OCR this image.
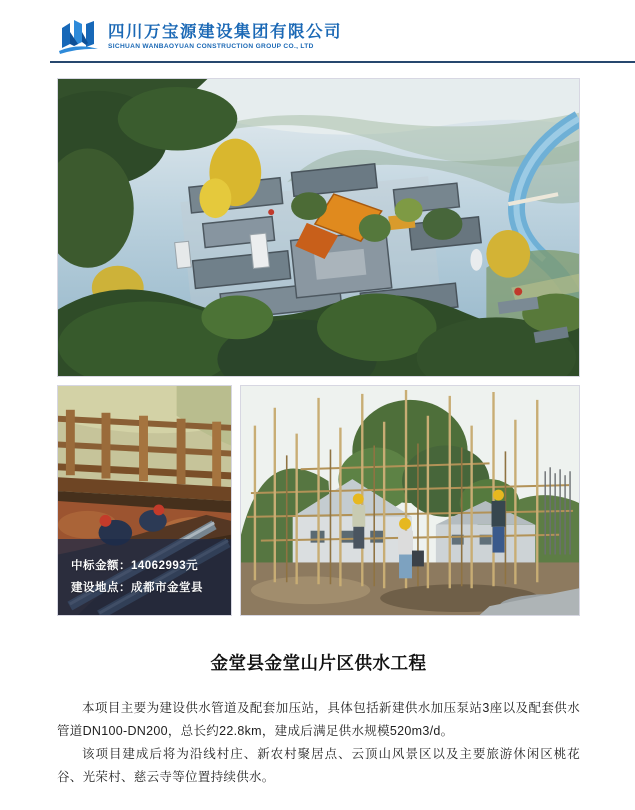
四川万宝源建设集团有限公司
SICHUAN WANBAOYUAN CONSTRUCTION GROUP CO., LTD
中标金额：14062993元
建设地点：成都市金堂县
金堂县金堂山片区供水工程

本项目主要为建设供水管道及配套加压站，具体包括新建供水加压泵站3座以及配套供水管道DN100-DN200，总长约22.8km，建成后满足供水规模520m3/d。

该项目建成后将为沿线村庄、新农村聚居点、云顶山风景区以及主要旅游休闲区桃花谷、光荣村、慈云寺等位置持续供水。
